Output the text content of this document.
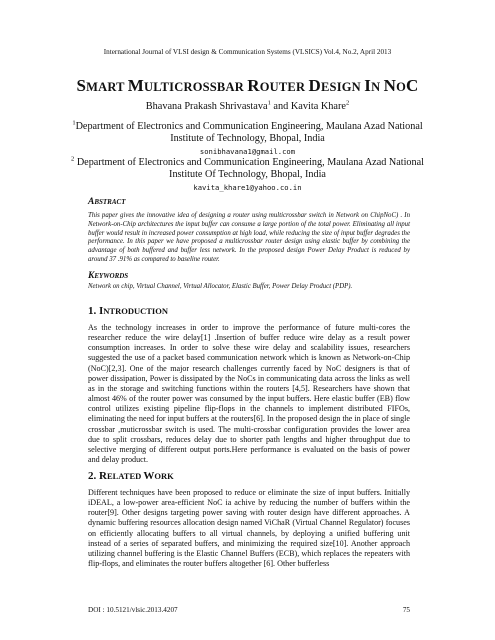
International Journal of VLSI design & Communication Systems (VLSICS) Vol.4, No.2, April 2013
SMART MULTICROSSBAR ROUTER DESIGN IN NOC
Bhavana Prakash Shrivastava$^1$ and Kavita Khare$^2$
$^1$Department of Electronics and Communication Engineering, Maulana Azad National
Institute of Technology, Bhopal, India
sonibhavana1@gmail.com
$^2$ Department of Electronics and Communication Engineering, Maulana Azad National
Institute Of Technology, Bhopal, India
kavita_khare1@yahoo.co.in
ABSTRACT

This paper gives the innovative idea of designing a router using multicrossbar switch in Network on ChipNoC) . In Network-on-Chip architectures the input buffer can consume a large portion of the total power. Eliminating all input buffer would result in increased power consumption at high load, while reducing the size of input buffer degrades the performance. In this paper we have proposed a multicrossbar router design using elastic buffer by combining the advantage of both buffered and buffer less network. In the proposed design Power Delay Product is reduced by around 37 .91% as compared to baseline router.

KEYWORDS

Network on chip, Virtual Channel, Virtual Allocator, Elastic Buffer, Power Delay Product (PDP).

1. INTRODUCTION

As the technology increases in order to improve the performance of future multi-cores the researcher reduce the wire delay[1] .Insertion of buffer reduce wire delay as a result power consumption increases. In order to solve these wire delay and scalability issues, researchers suggested the use of a packet based communication network which is known as Network-on-Chip (NoC)[2,3]. One of the major research challenges currently faced by NoC designers is that of power dissipation, Power is dissipated by the NoCs in communicating data across the links as well as in the storage and switching functions within the routers [4,5]. Researchers have shown that almost 46% of the router power was consumed by the input buffers. Here elastic buffer (EB) flow control utilizes existing pipeline flip-flops in the channels to implement distributed FIFOs, eliminating the need for input buffers at the routers[6]. In the proposed design the in place of single crossbar ,muticrossbar switch is used. The multi-crossbar configuration provides the lower area due to split crossbars, reduces delay due to shorter path lengths and higher throughput due to selective merging of different output ports.Here performance is evaluated on the basis of power and delay product.

2. RELATED WORK

Different techniques have been proposed to reduce or eliminate the size of input buffers. Initially iDEAL, a low-power area-efficient NoC ia achive by reducing the number of buffers within the router[9]. Other designs targeting power saving with router design have different approaches. A dynamic buffering resources allocation design named ViChaR (Virtual Channel Regulator) focuses on efficiently allocating buffers to all virtual channels, by deploying a unified buffering unit instead of a series of separated buffers, and minimizing the required size[10]. Another approach utilizing channel buffering is the Elastic Channel Buffers (ECB), which replaces the repeaters with flip-flops, and eliminates the router buffers altogether [6]. Other bufferless

DOI : 10.5121/vlsic.2013.4207	75
